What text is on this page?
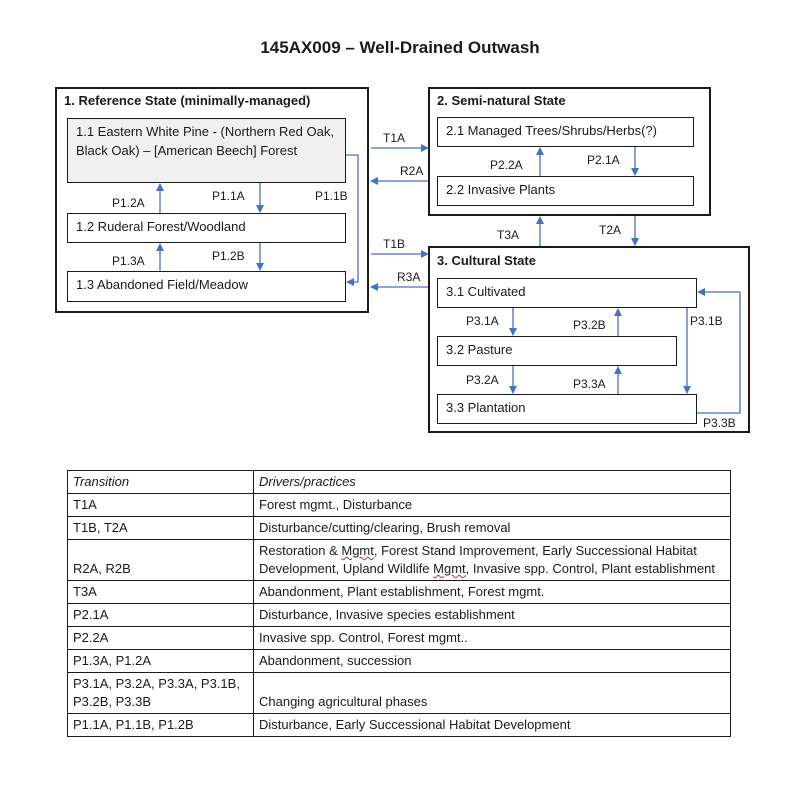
145AX009 – Well-Drained Outwash
1. Reference State (minimally-managed)
1.1 Eastern White Pine - (Northern Red Oak, Black Oak) – [American Beech] Forest
1.2 Ruderal Forest/Woodland
1.3 Abandoned Field/Meadow
2. Semi-natural State
2.1 Managed Trees/Shrubs/Herbs(?)
2.2 Invasive Plants
3. Cultural State
3.1 Cultivated
3.2 Pasture
3.3 Plantation
P1.2A	P1.1A	P1.1B
P1.3A	P1.2B
T1A
R2A
T1B
R3A
P2.2A	P2.1A
T3A	T2A
P3.1A	P3.2B	P3.1B
P3.2A	P3.3A
P3.3B
Transition	Drivers/practices
T1A	Forest mgmt., Disturbance
T1B, T2A	Disturbance/cutting/clearing, Brush removal
R2A, R2B	Restoration & Mgmt, Forest Stand Improvement, Early Successional Habitat Development, Upland Wildlife Mgmt, Invasive spp. Control, Plant establishment
T3A	Abandonment, Plant establishment, Forest mgmt.
P2.1A	Disturbance, Invasive species establishment
P2.2A	Invasive spp. Control, Forest mgmt..
P1.3A, P1.2A	Abandonment, succession
P3.1A, P3.2A, P3.3A, P3.1B, P3.2B, P3.3B	Changing agricultural phases
P1.1A, P1.1B, P1.2B	Disturbance, Early Successional Habitat Development
